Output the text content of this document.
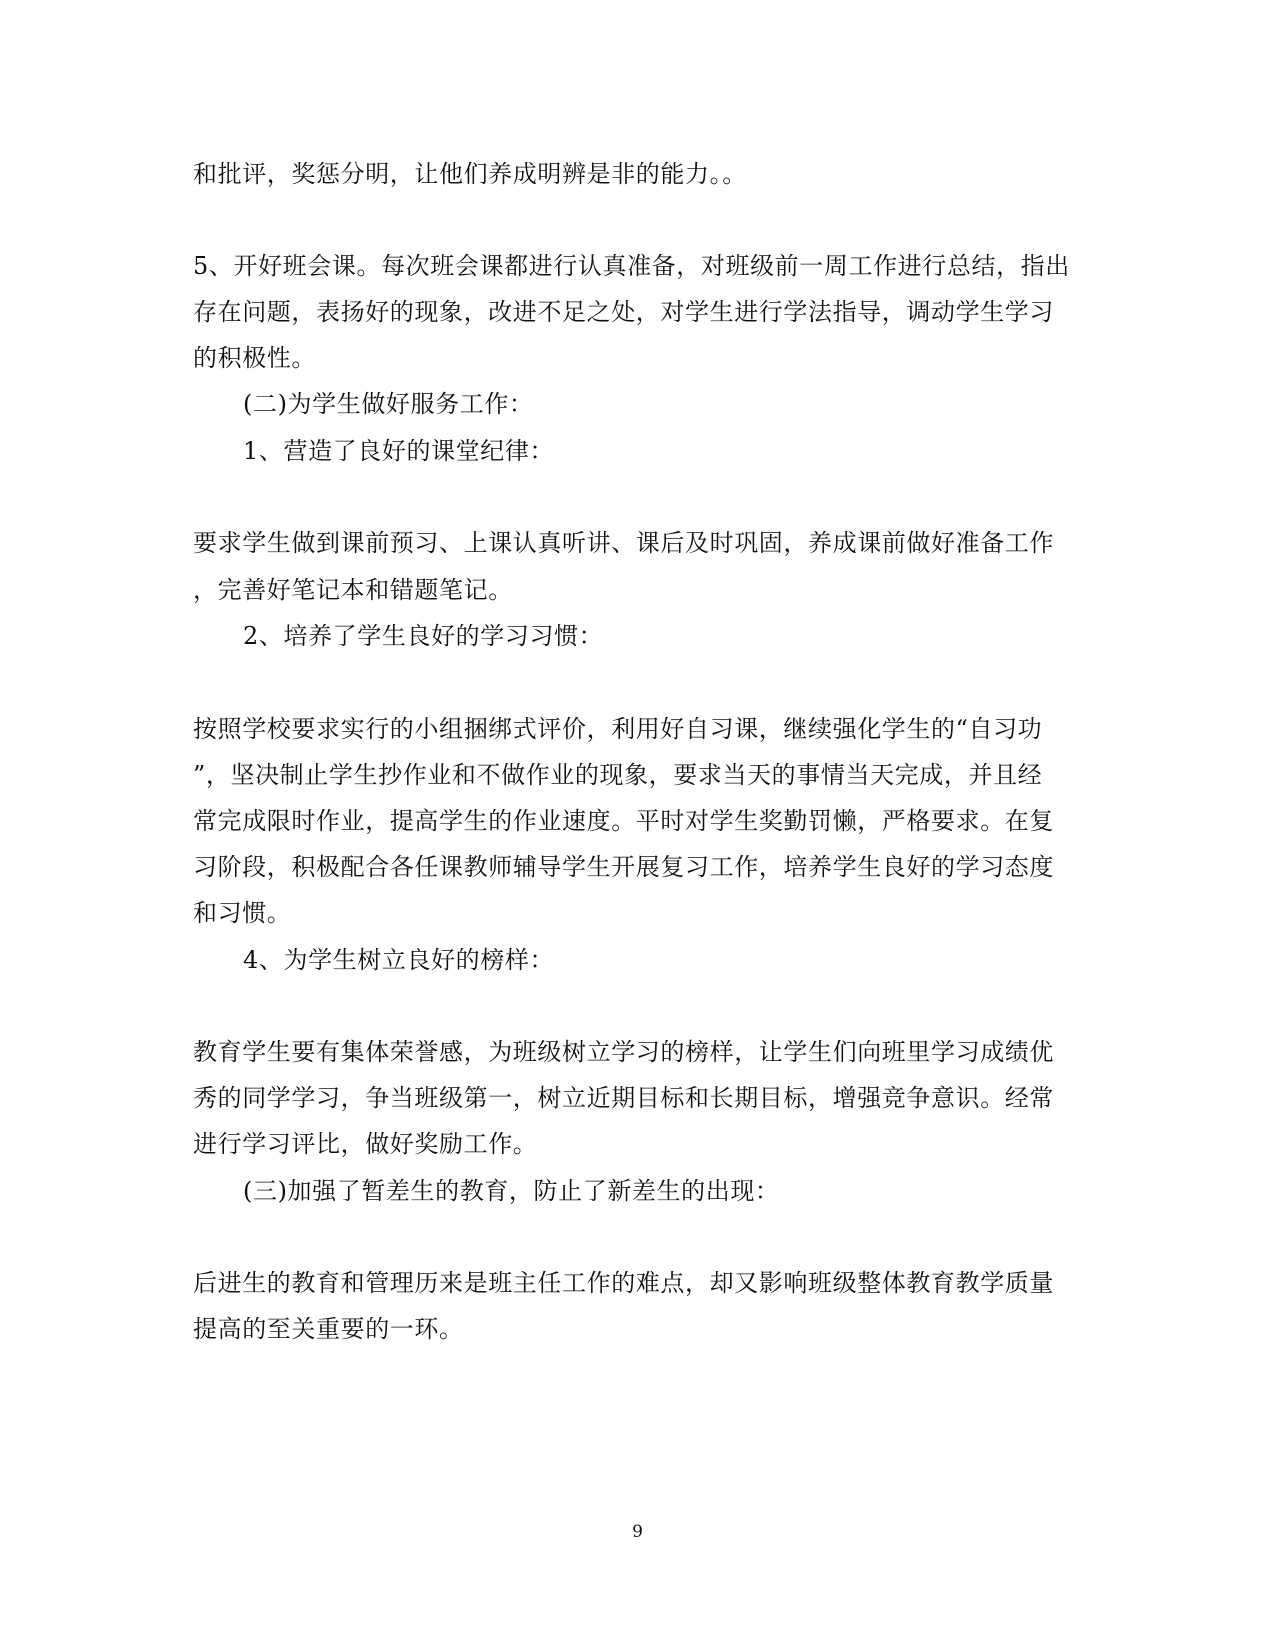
和批评，奖惩分明，让他们养成明辨是非的能力。。
5、开好班会课。每次班会课都进行认真准备，对班级前一周工作进行总结，指出
存在问题，表扬好的现象，改进不足之处，对学生进行学法指导，调动学生学习
的积极性。
(二)为学生做好服务工作：
1、营造了良好的课堂纪律：
要求学生做到课前预习、上课认真听讲、课后及时巩固，养成课前做好准备工作
，完善好笔记本和错题笔记。
2、培养了学生良好的学习习惯：
按照学校要求实行的小组捆绑式评价，利用好自习课，继续强化学生的“自习功
”，坚决制止学生抄作业和不做作业的现象，要求当天的事情当天完成，并且经
常完成限时作业，提高学生的作业速度。平时对学生奖勤罚懒，严格要求。在复
习阶段，积极配合各任课教师辅导学生开展复习工作，培养学生良好的学习态度
和习惯。
4、为学生树立良好的榜样：
教育学生要有集体荣誉感，为班级树立学习的榜样，让学生们向班里学习成绩优
秀的同学学习，争当班级第一，树立近期目标和长期目标，增强竞争意识。经常
进行学习评比，做好奖励工作。
(三)加强了暂差生的教育，防止了新差生的出现：
后进生的教育和管理历来是班主任工作的难点，却又影响班级整体教育教学质量
提高的至关重要的一环。
9
